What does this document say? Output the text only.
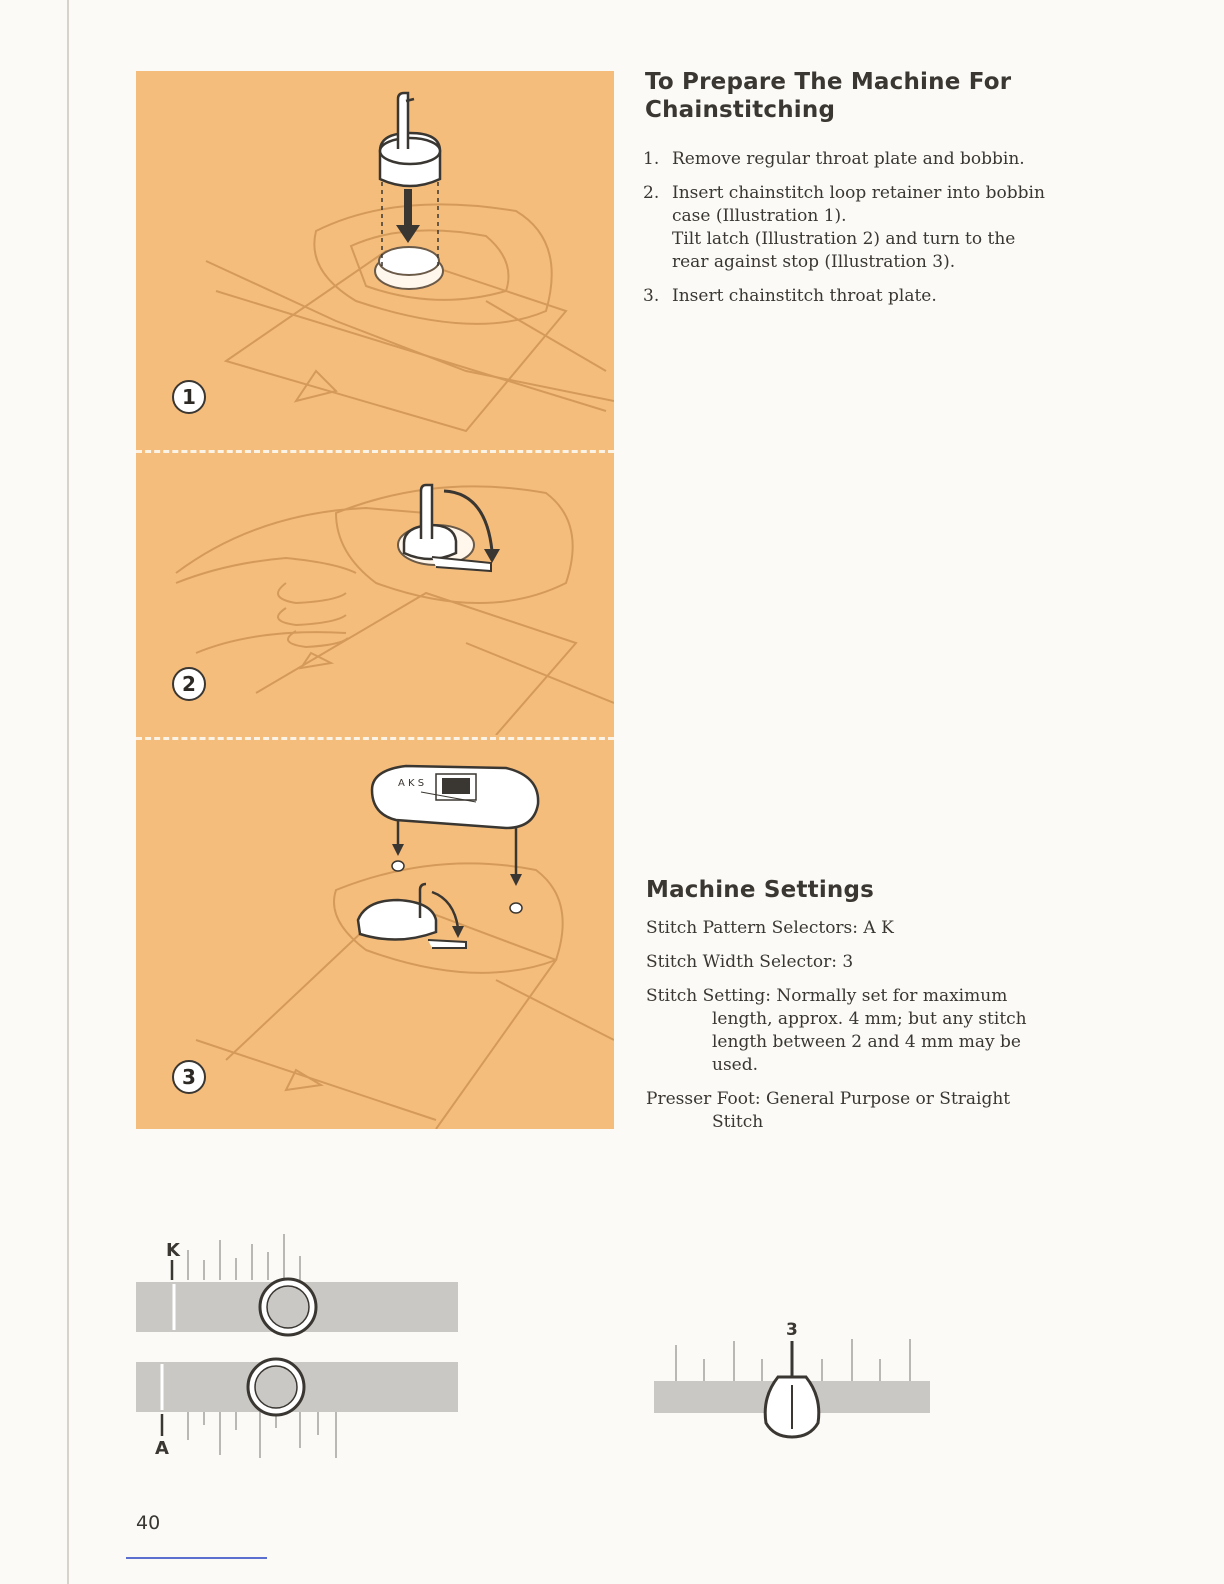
1
2
A K S
3
To Prepare The Machine For
Chainstitching
1. Remove regular throat plate and bobbin.
2. Insert chainstitch loop retainer into bobbin
case (Illustration 1).
Tilt latch (Illustration 2) and turn to the
rear against stop (Illustration 3).
3. Insert chainstitch throat plate.
Machine Settings
Stitch Pattern Selectors: A K
Stitch Width Selector: 3
Stitch Setting: Normally set for maximum
length, approx. 4 mm; but any stitch
length between 2 and 4 mm may be
used.
Presser Foot: General Purpose or Straight
Stitch
K
A
3
40
